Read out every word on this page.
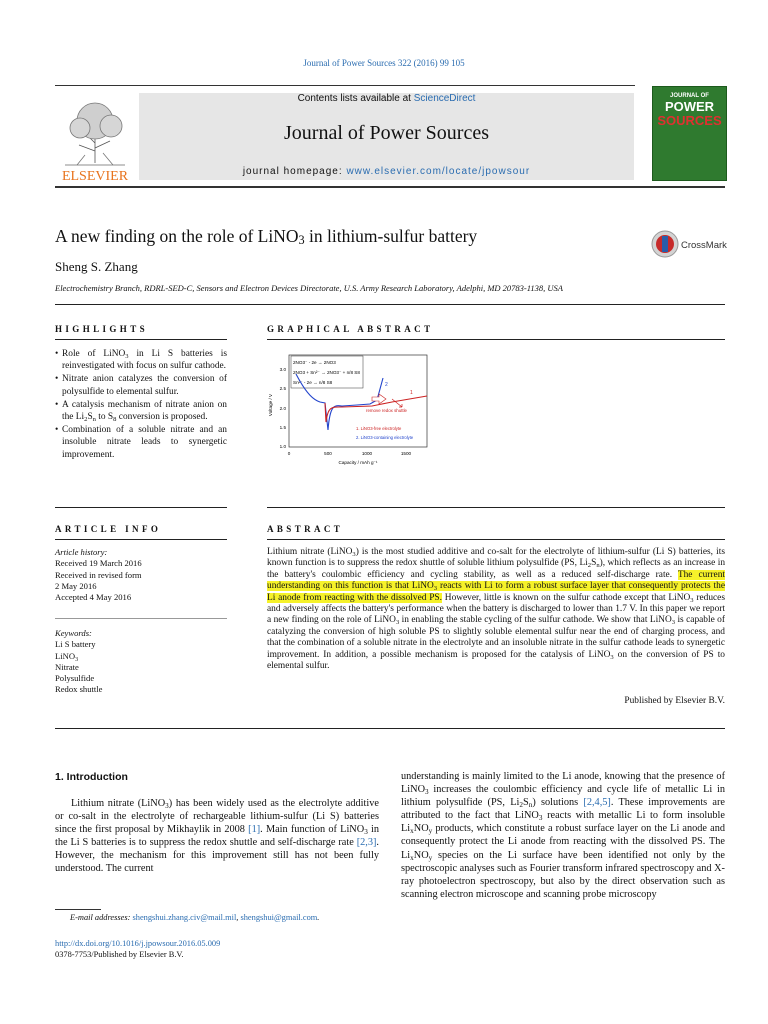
Journal of Power Sources 322 (2016) 99 105
ELSEVIER
Contents lists available at ScienceDirect
Journal of Power Sources
journal homepage: www.elsevier.com/locate/jpowsour
JOURNAL OF
POWER
SOURCES
A new finding on the role of LiNO$_3$ in lithium-sulfur battery	CrossMark
Sheng S. Zhang
Electrochemistry Branch, RDRL-SED-C, Sensors and Electron Devices Directorate, U.S. Army Research Laboratory, Adelphi, MD 20783-1138, USA
HIGHLIGHTS
• Role of LiNO$_3$ in Li S batteries is reinvestigated with focus on sulfur cathode.
• Nitrate anion catalyzes the conversion of polysulfide to elemental sulfur.
• A catalysis mechanism of nitrate anion on the $Li_2S_n$ to $S_8$ conversion is proposed.
• Combination of a soluble nitrate and an insoluble nitrate leads to synergetic improvement.
GRAPHICAL ABSTRACT
2NO3⁻ - 2e → 2NO3
2NO3 + Sn²⁻ → 2NO3⁻ + n/8 S8
Sn²⁻ - 2e → n/8 S8
remove redox shuttle
1
2
1. LiNO3-free electrolyte
2. LiNO3-containing electrolyte
1.0
1.5
2.0
2.5
3.0
0	500	1000	1500
Capacity / mAh g⁻¹
Voltage / V
ARTICLE INFO
Article history:
Received 19 March 2016
Received in revised form
2 May 2016
Accepted 4 May 2016
Keywords:
Li S battery
LiNO$_3$
Nitrate
Polysulfide
Redox shuttle
ABSTRACT
Lithium nitrate (LiNO$_3$) is the most studied additive and co-salt for the electrolyte of lithium-sulfur (Li S) batteries, its known function is to suppress the redox shuttle of soluble lithium polysulfide (PS, $Li_2S_n$), which reflects as an increase in the battery's coulombic efficiency and cycling stability, as well as a reduced self-discharge rate. The current understanding on this function is that LiNO$_3$ reacts with Li to form a robust surface layer that consequently protects the Li anode from reacting with the dissolved PS. However, little is known on the sulfur cathode except that LiNO$_3$ reduces and adversely affects the battery's performance when the battery is discharged to lower than 1.7 V. In this paper we report a new finding on the role of LiNO$_3$ in enabling the stable cycling of the sulfur cathode. We show that LiNO$_3$ is capable of catalyzing the conversion of high soluble PS to slightly soluble elemental sulfur near the end of charging process, and that the combination of a soluble nitrate in the electrolyte and an insoluble nitrate in the sulfur cathode leads to synergetic improvement. In addition, a possible mechanism is proposed for the catalysis of LiNO$_3$ on the conversion of PS to elemental sulfur.
Published by Elsevier B.V.
1. Introduction
Lithium nitrate (LiNO$_3$) has been widely used as the electrolyte additive or co-salt in the electrolyte of rechargeable lithium-sulfur (Li S) batteries since the first proposal by Mikhaylik in 2008 [1]. Main function of LiNO$_3$ in the Li S batteries is to suppress the redox shuttle and self-discharge rate [2,3]. However, the mechanism for this improvement still has not been fully understood. The current
understanding is mainly limited to the Li anode, knowing that the presence of LiNO$_3$ increases the coulombic efficiency and cycle life of metallic Li in lithium polysulfide (PS, $Li_2S_n$) solutions [2,4,5]. These improvements are attributed to the fact that LiNO$_3$ reacts with metallic Li to form insoluble $Li_xNO_y$ products, which constitute a robust surface layer on the Li anode and consequently protect the Li anode from reacting with the dissolved PS. The $Li_xNO_y$ species on the Li surface have been identified not only by the spectroscopic analyses such as Fourier transform infrared spectroscopy and X-ray photoelectron spectroscopy, but also by the direct observation such as scanning electron microscope and scanning probe microscopy
E-mail addresses: shengshui.zhang.civ@mail.mil, shengshui@gmail.com.
http://dx.doi.org/10.1016/j.jpowsour.2016.05.009
0378-7753/Published by Elsevier B.V.
